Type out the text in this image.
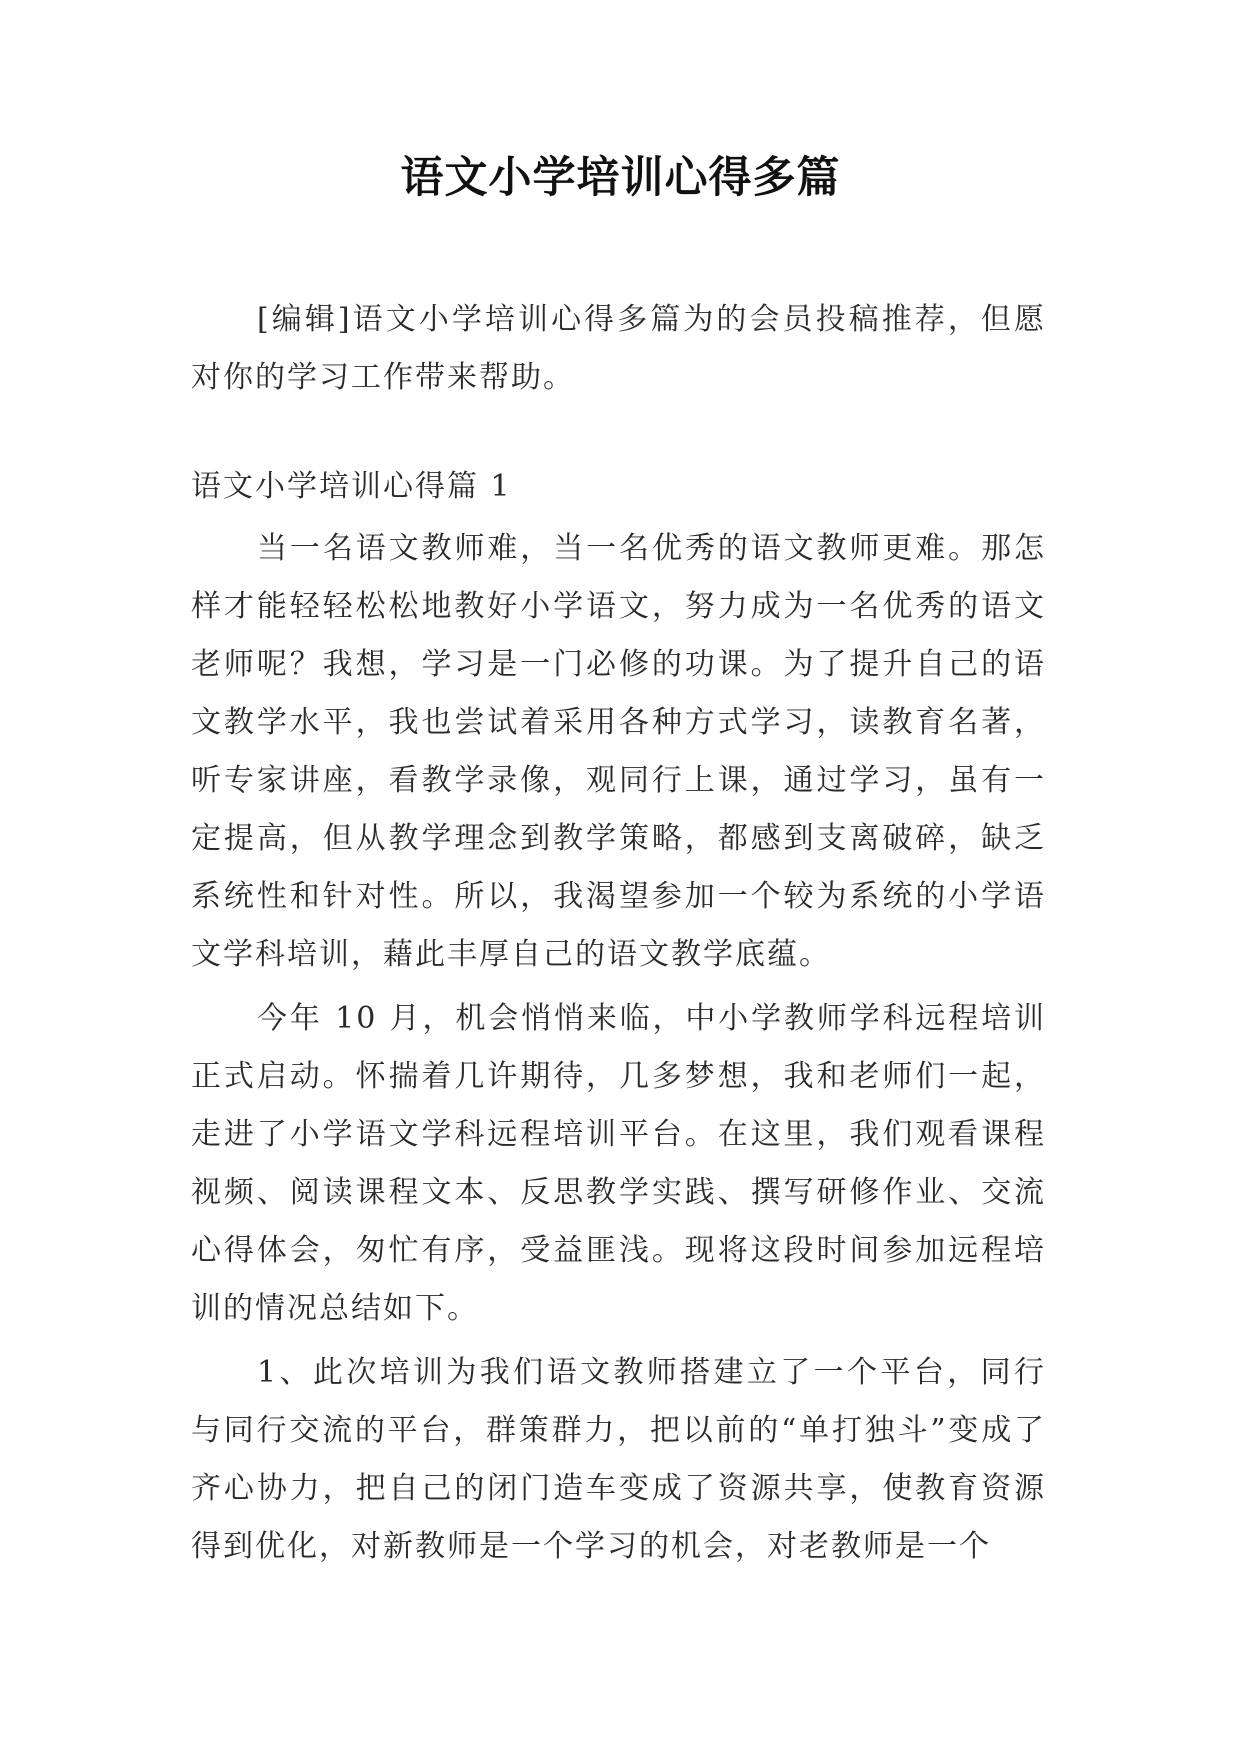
语文小学培训心得多篇

[编辑]语文小学培训心得多篇为的会员投稿推荐，但愿对你的学习工作带来帮助。

语文小学培训心得篇 1

当一名语文教师难，当一名优秀的语文教师更难。那怎样才能轻轻松松地教好小学语文，努力成为一名优秀的语文老师呢？我想，学习是一门必修的功课。为了提升自己的语文教学水平，我也尝试着采用各种方式学习，读教育名著，听专家讲座，看教学录像，观同行上课，通过学习，虽有一定提高，但从教学理念到教学策略，都感到支离破碎，缺乏系统性和针对性。所以，我渴望参加一个较为系统的小学语文学科培训，藉此丰厚自己的语文教学底蕴。

今年 10 月，机会悄悄来临，中小学教师学科远程培训正式启动。怀揣着几许期待，几多梦想，我和老师们一起，走进了小学语文学科远程培训平台。在这里，我们观看课程视频、阅读课程文本、反思教学实践、撰写研修作业、交流心得体会，匆忙有序，受益匪浅。现将这段时间参加远程培训的情况总结如下。

1、此次培训为我们语文教师搭建立了一个平台，同行与同行交流的平台，群策群力，把以前的“单打独斗”变成了齐心协力，把自己的闭门造车变成了资源共享，使教育资源得到优化，对新教师是一个学习的机会，对老教师是一个
